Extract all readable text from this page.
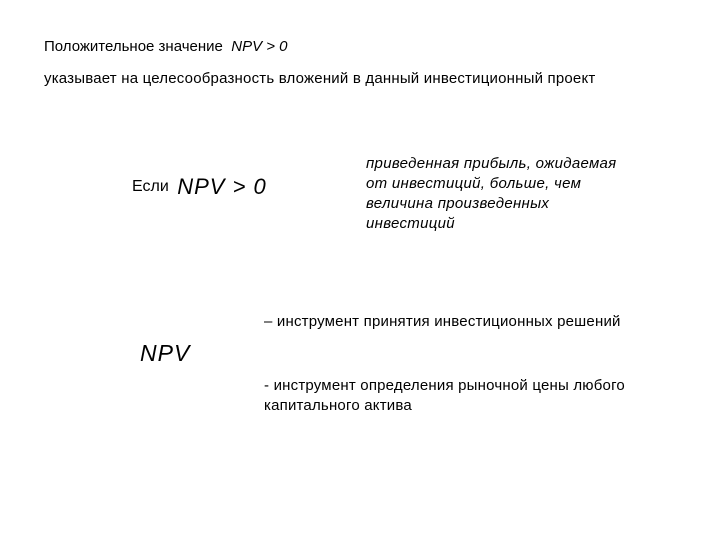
Положительное значение NPV > 0
указывает на целесообразность вложений в данный инвестиционный проект
Если NPV > 0
приведенная прибыль, ожидаемая от инвестиций, больше, чем величина произведенных инвестиций
NPV
– инструмент принятия инвестиционных решений
- инструмент определения рыночной цены любого капитального актива
